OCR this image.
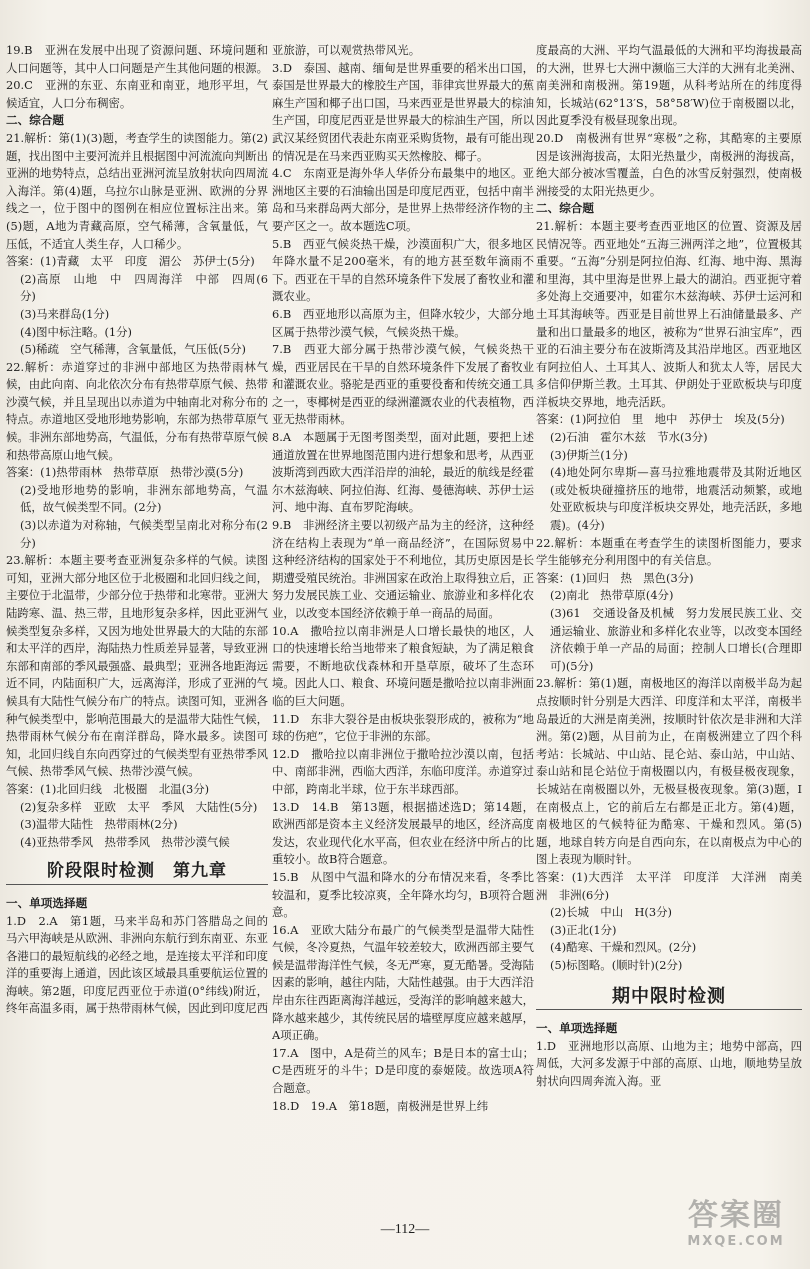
19.B　亚洲在发展中出现了资源问题、环境问题和人口问题等，其中人口问题是产生其他问题的根源。
20.C　亚洲的东亚、东南亚和南亚，地形平坦，气候适宜，人口分布稠密。
二、综合题
21.解析：第(1)(3)题，考查学生的读图能力。第(2)题，找出图中主要河流并且根据图中河流流向判断出亚洲的地势特点，总结出亚洲河流呈放射状向四周流入海洋。第(4)题，乌拉尔山脉是亚洲、欧洲的分界线之一，位于图中的图例在相应位置标注出来。第(5)题，A地为青藏高原，空气稀薄，含氧量低，气压低，不适宜人类生存，人口稀少。
答案：(1)青藏　太平　印度　湄公　苏伊士(5分)
(2)高原　山地　中　四周海洋　中部　四周(6分)
(3)马来群岛(1分)
(4)图中标注略。(1分)
(5)稀疏　空气稀薄，含氧量低，气压低(5分)
22.解析：赤道穿过的非洲中部地区为热带雨林气候，由此向南、向北依次分布有热带草原气候、热带沙漠气候，并且呈现出以赤道为中轴南北对称分布的特点。赤道地区受地形地势影响，东部为热带草原气候。非洲东部地势高，气温低，分布有热带草原气候和热带高原山地气候。
答案：(1)热带雨林　热带草原　热带沙漠(5分)
(2)受地形地势的影响，非洲东部地势高，气温低，故气候类型不同。(2分)
(3)以赤道为对称轴，气候类型呈南北对称分布(2分)
23.解析：本题主要考查亚洲复杂多样的气候。读图可知，亚洲大部分地区位于北极圈和北回归线之间，主要位于北温带，少部分位于热带和北寒带。亚洲大陆跨寒、温、热三带，且地形复杂多样，因此亚洲气候类型复杂多样，又因为地处世界最大的大陆的东部和太平洋的西岸，海陆热力性质差异显著，导致亚洲东部和南部的季风最强盛、最典型；亚洲各地距海远近不同，内陆面积广大，远离海洋，形成了亚洲的气候具有大陆性气候分布广的特点。读图可知，亚洲各种气候类型中，影响范围最大的是温带大陆性气候，热带雨林气候分布在南洋群岛，降水最多。读图可知，北回归线自东向西穿过的气候类型有亚热带季风气候、热带季风气候、热带沙漠气候。
答案：(1)北回归线　北极圈　北温(3分)
(2)复杂多样　亚欧　太平　季风　大陆性(5分)
(3)温带大陆性　热带雨林(2分)
(4)亚热带季风　热带季风　热带沙漠气候
阶段限时检测　第九章
一、单项选择题
1.D　2.A　第1题，马来半岛和苏门答腊岛之间的马六甲海峡是从欧洲、非洲向东航行到东南亚、东亚各港口的最短航线的必经之地，是连接太平洋和印度洋的重要海上通道，因此该区域最具重要航运位置的海峡。第2题，印度尼西亚位于赤道(0°纬线)附近，终年高温多雨，属于热带雨林气候，因此到印度尼西
亚旅游，可以观赏热带风光。
3.D　泰国、越南、缅甸是世界重要的稻米出口国，泰国是世界最大的橡胶生产国，菲律宾世界最大的蕉麻生产国和椰子出口国，马来西亚是世界最大的棕油生产国，印度尼西亚是世界最大的棕油生产国，所以武汉某经贸团代表赴东南亚采购货物，最有可能出现的情况是在马来西亚购买天然橡胶、椰子。
4.C　东南亚是海外华人华侨分布最集中的地区。亚洲地区主要的石油输出国是印度尼西亚，包括中南半岛和马来群岛两大部分，是世界上热带经济作物的主要产区之一。故本题选C项。
5.B　西亚气候炎热干燥，沙漠面积广大，很多地区年降水量不足200毫米，有的地方甚至数年滴雨不下。西亚在干旱的自然环境条件下发展了畜牧业和灌溉农业。
6.B　西亚地形以高原为主，但降水较少，大部分地区属于热带沙漠气候，气候炎热干燥。
7.B　西亚大部分属于热带沙漠气候，气候炎热干燥，西亚居民在干旱的自然环境条件下发展了畜牧业和灌溉农业。骆驼是西亚的重要役畜和传统交通工具之一，枣椰树是西亚的绿洲灌溉农业的代表植物，西亚无热带雨林。
8.A　本题属于无图考图类型，面对此题，要把上述通道放置在世界地图范围内进行想象和思考，从西亚波斯湾到西欧大西洋沿岸的油轮，最近的航线是经霍尔木兹海峡、阿拉伯海、红海、曼德海峡、苏伊士运河、地中海、直布罗陀海峡。
9.B　非洲经济主要以初级产品为主的经济，这种经济在结构上表现为“单一商品经济”，在国际贸易中这种经济结构的国家处于不利地位，其历史原因是长期遭受殖民统治。非洲国家在政治上取得独立后，正努力发展民族工业、交通运输业、旅游业和多样化农业，以改变本国经济依赖于单一商品的局面。
10.A　撒哈拉以南非洲是人口增长最快的地区，人口的快速增长给当地带来了粮食短缺，为了满足粮食需要，不断地砍伐森林和开垦草原，破坏了生态环境。因此人口、粮食、环境问题是撒哈拉以南非洲面临的巨大问题。
11.D　东非大裂谷是由板块张裂形成的，被称为“地球的伤疤”，它位于非洲的东部。
12.D　撒哈拉以南非洲位于撒哈拉沙漠以南，包括中、南部非洲，西临大西洋，东临印度洋。赤道穿过中部，跨南北半球，位于东半球西部。
13.D　14.B　第13题，根据描述选D；第14题，欧洲西部是资本主义经济发展最早的地区，经济高度发达，农业现代化水平高，但农业在经济中所占的比重较小。故B符合题意。
15.B　从图中气温和降水的分布情况来看，冬季比较温和，夏季比较凉爽，全年降水均匀，B项符合题意。
16.A　亚欧大陆分布最广的气候类型是温带大陆性气候，冬冷夏热，气温年较差较大，欧洲西部主要气候是温带海洋性气候，冬无严寒，夏无酷暑。受海陆因素的影响，越往内陆，大陆性越强。由于大西洋沿岸由东往西距离海洋越远，受海洋的影响越来越大，降水越来越少，其传统民居的墙壁厚度应越来越厚，A项正确。
17.A　图中，A是荷兰的风车；B是日本的富士山；C是西班牙的斗牛；D是印度的泰姬陵。故选项A符合题意。
18.D　19.A　第18题，南极洲是世界上纬
度最高的大洲、平均气温最低的大洲和平均海拔最高的大洲，世界七大洲中濒临三大洋的大洲有北美洲、南美洲和南极洲。第19题，从科考站所在的纬度得知，长城站(62°13′S，58°58′W)位于南极圈以北，因此夏季没有极昼现象出现。
20.D　南极洲有世界“寒极”之称，其酷寒的主要原因是该洲海拔高，太阳光热量少，南极洲的海拔高，绝大部分被冰雪覆盖，白色的冰雪反射强烈，使南极洲接受的太阳光热更少。
二、综合题
21.解析：本题主要考查西亚地区的位置、资源及居民情况等。西亚地处“五海三洲两洋之地”，位置极其重要。“五海”分别是阿拉伯海、红海、地中海、黑海和里海，其中里海是世界上最大的湖泊。西亚扼守着多处海上交通要冲，如霍尔木兹海峡、苏伊士运河和土耳其海峡等。西亚是目前世界上石油储量最多、产量和出口量最多的地区，被称为“世界石油宝库”，西亚的石油主要分布在波斯湾及其沿岸地区。西亚地区有阿拉伯人、土耳其人、波斯人和犹太人等，居民大多信仰伊斯兰教。土耳其、伊朗处于亚欧板块与印度洋板块交界地，地壳活跃。
答案：(1)阿拉伯　里　地中　苏伊士　埃及(5分)
(2)石油　霍尔木兹　节水(3分)
(3)伊斯兰(1分)
(4)地处阿尔卑斯—喜马拉雅地震带及其附近地区(或处板块碰撞挤压的地带，地震活动频繁，或地处亚欧板块与印度洋板块交界处，地壳活跃，多地震)。(4分)
22.解析：本题重在考查学生的读图析图能力，要求学生能够充分利用图中的有关信息。
答案：(1)回归　热　黑色(3分)
(2)南北　热带草原(4分)
(3)61　交通设备及机械　努力发展民族工业、交通运输业、旅游业和多样化农业等，以改变本国经济依赖于单一产品的局面；控制人口增长(合理即可)(5分)
23.解析：第(1)题，南极地区的海洋以南极半岛为起点按顺时针分别是大西洋、印度洋和太平洋，南极半岛最近的大洲是南美洲，按顺时针依次是非洲和大洋洲。第(2)题，从目前为止，在南极洲建立了四个科考站：长城站、中山站、昆仑站、泰山站，中山站、泰山站和昆仑站位于南极圈以内，有极昼极夜现象，长城站在南极圈以外，无极昼极夜现象。第(3)题，I在南极点上，它的前后左右都是正北方。第(4)题，南极地区的气候特征为酷寒、干燥和烈风。第(5)题，地球自转方向是自西向东，在以南极点为中心的图上表现为顺时针。
答案：(1)大西洋　太平洋　印度洋　大洋洲　南美洲　非洲(6分)
(2)长城　中山　H(3分)
(3)正北(1分)
(4)酷寒、干燥和烈风。(2分)
(5)标图略。(顺时针)(2分)
期中限时检测
一、单项选择题
1.D　亚洲地形以高原、山地为主；地势中部高，四周低，大河多发源于中部的高原、山地，顺地势呈放射状向四周奔流入海。亚
—112—	答案圈
MXQE.COM
